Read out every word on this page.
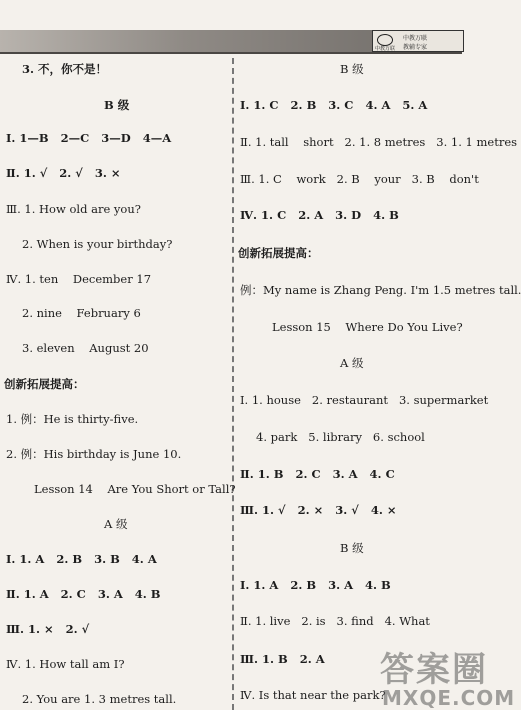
中教万联
中教万联
教辅专家
3. 不，你不是！
B 级
Ⅰ. 1—B   2—C   3—D   4—A
Ⅱ. 1. √   2. √   3. ×
Ⅲ. 1. How old are you?
2. When is your birthday?
Ⅳ. 1. ten    December 17
2. nine    February 6
3. eleven    August 20
创新拓展提高：
1. 例：He is thirty-five.
2. 例：His birthday is June 10.
Lesson 14    Are You Short or Tall?
A 级
Ⅰ. 1. A   2. B   3. B   4. A
Ⅱ. 1. A   2. C   3. A   4. B
Ⅲ. 1. ×   2. √
Ⅳ. 1. How tall am I?
2. You are 1. 3 metres tall.
B 级
Ⅰ. 1. C   2. B   3. C   4. A   5. A
Ⅱ. 1. tall    short   2. 1. 8 metres   3. 1. 1 metres
Ⅲ. 1. C    work   2. B    your   3. B    don't
Ⅳ. 1. C   2. A   3. D   4. B
创新拓展提高：
例：My name is Zhang Peng. I'm 1.5 metres tall.
Lesson 15    Where Do You Live?
A 级
Ⅰ. 1. house   2. restaurant   3. supermarket
4. park   5. library   6. school
Ⅱ. 1. B   2. C   3. A   4. C
Ⅲ. 1. √   2. ×   3. √   4. ×
B 级
Ⅰ. 1. A   2. B   3. A   4. B
Ⅱ. 1. live   2. is   3. find   4. What
Ⅲ. 1. B   2. A
Ⅳ. Is that near the park?
答案圈
MXQE.COM
